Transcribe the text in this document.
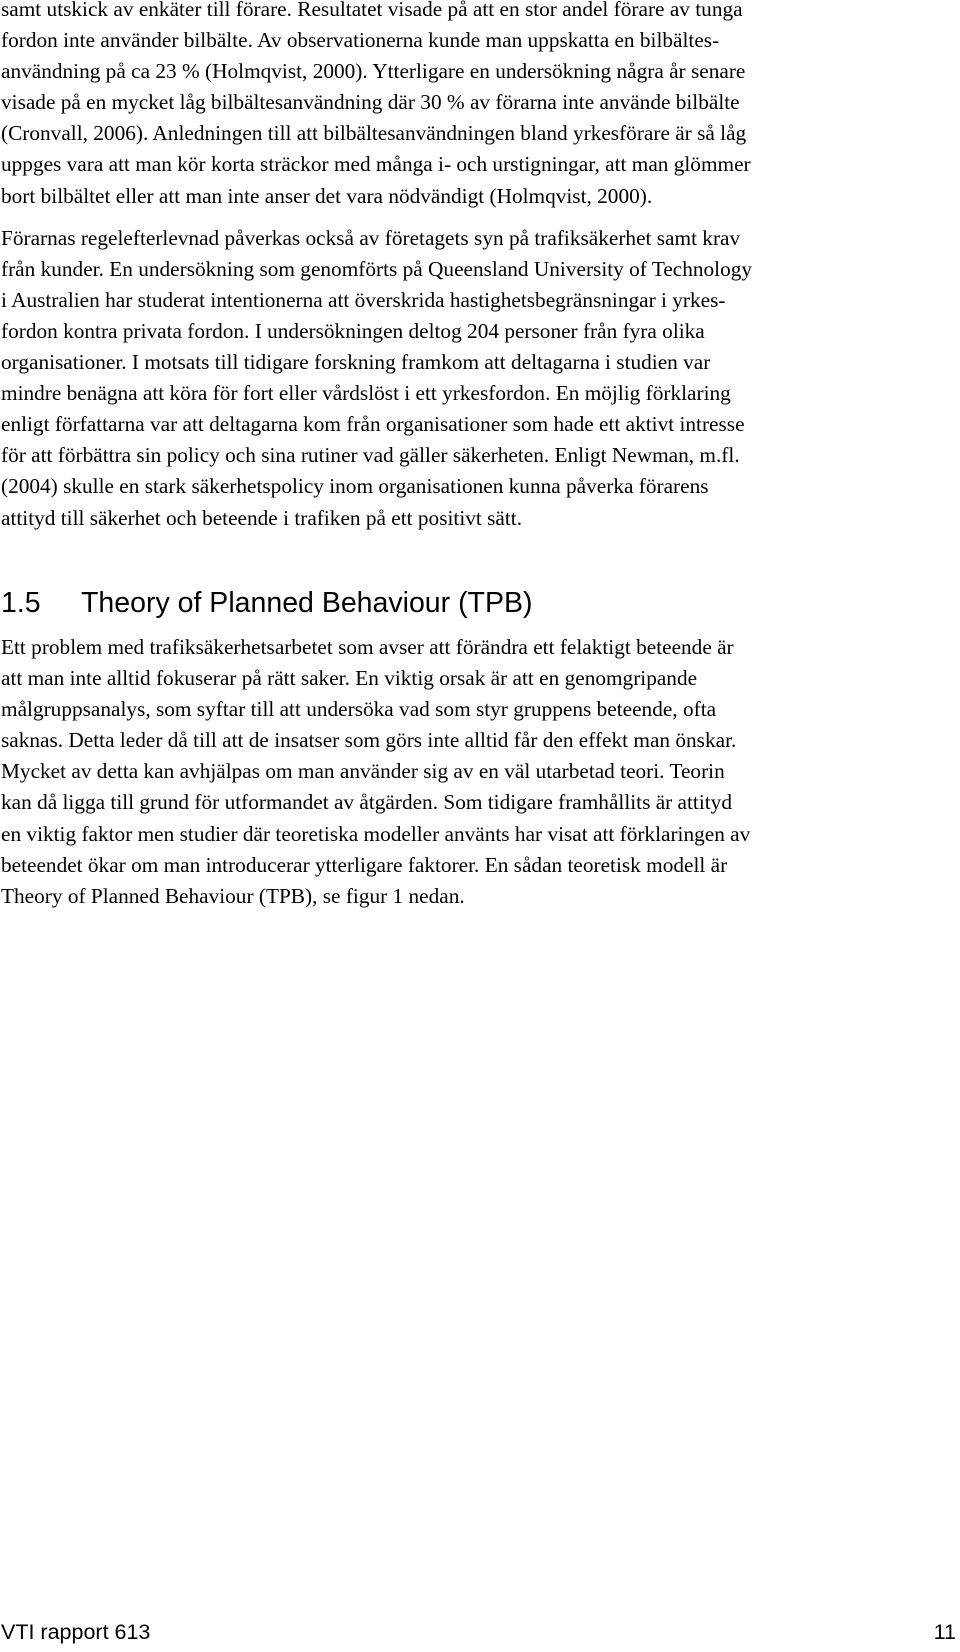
samt utskick av enkäter till förare. Resultatet visade på att en stor andel förare av tunga
fordon inte använder bilbälte. Av observationerna kunde man uppskatta en bilbältes-
användning på ca 23 % (Holmqvist, 2000). Ytterligare en undersökning några år senare
visade på en mycket låg bilbältesanvändning där 30 % av förarna inte använde bilbälte
(Cronvall, 2006). Anledningen till att bilbältesanvändningen bland yrkesförare är så låg
uppges vara att man kör korta sträckor med många i- och urstigningar, att man glömmer
bort bilbältet eller att man inte anser det vara nödvändigt (Holmqvist, 2000).

Förarnas regelefterlevnad påverkas också av företagets syn på trafiksäkerhet samt krav
från kunder. En undersökning som genomförts på Queensland University of Technology
i Australien har studerat intentionerna att överskrida hastighetsbegränsningar i yrkes-
fordon kontra privata fordon. I undersökningen deltog 204 personer från fyra olika
organisationer. I motsats till tidigare forskning framkom att deltagarna i studien var
mindre benägna att köra för fort eller vårdslöst i ett yrkesfordon. En möjlig förklaring
enligt författarna var att deltagarna kom från organisationer som hade ett aktivt intresse
för att förbättra sin policy och sina rutiner vad gäller säkerheten. Enligt Newman, m.fl.
(2004) skulle en stark säkerhetspolicy inom organisationen kunna påverka förarens
attityd till säkerhet och beteende i trafiken på ett positivt sätt.

1.5 Theory of Planned Behaviour (TPB)

Ett problem med trafiksäkerhetsarbetet som avser att förändra ett felaktigt beteende är
att man inte alltid fokuserar på rätt saker. En viktig orsak är att en genomgripande
målgruppsanalys, som syftar till att undersöka vad som styr gruppens beteende, ofta
saknas. Detta leder då till att de insatser som görs inte alltid får den effekt man önskar.
Mycket av detta kan avhjälpas om man använder sig av en väl utarbetad teori. Teorin
kan då ligga till grund för utformandet av åtgärden. Som tidigare framhållits är attityd
en viktig faktor men studier där teoretiska modeller använts har visat att förklaringen av
beteendet ökar om man introducerar ytterligare faktorer. En sådan teoretisk modell är
Theory of Planned Behaviour (TPB), se figur 1 nedan.

VTI rapport 613	11
